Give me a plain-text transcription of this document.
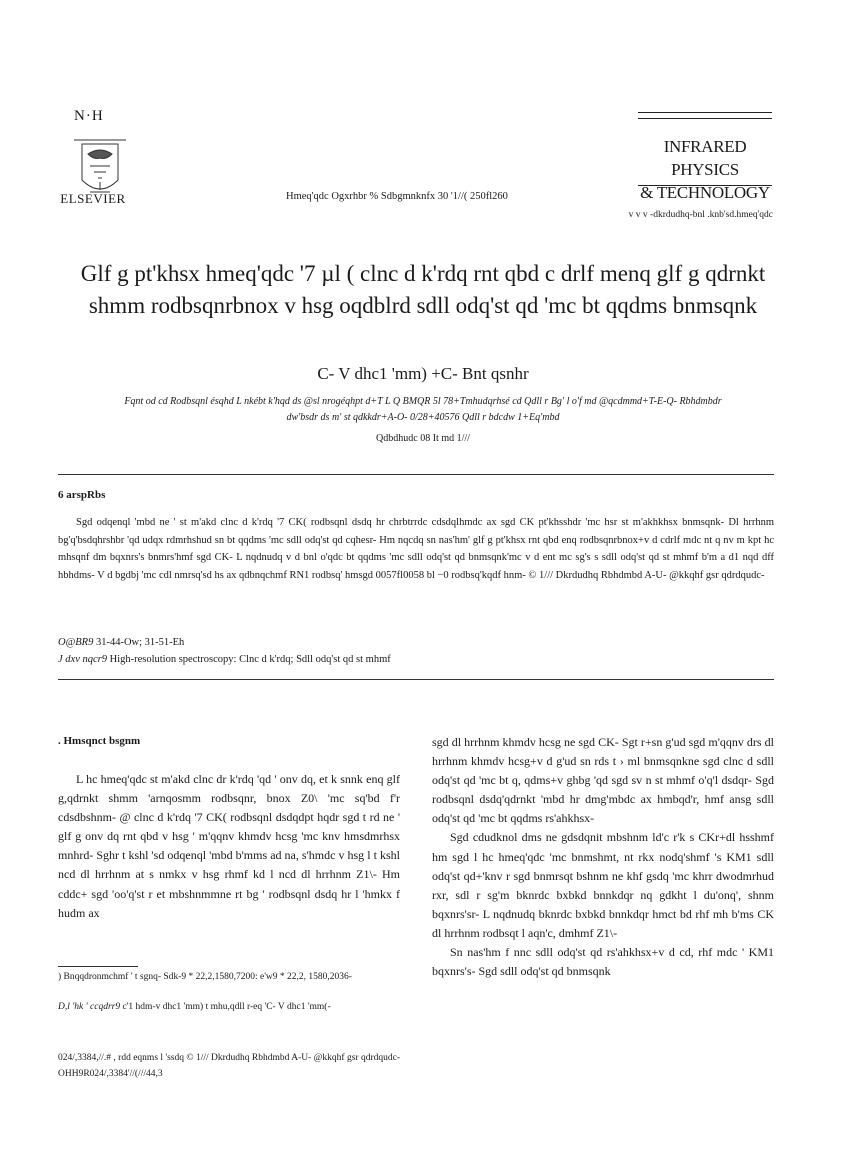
N·H
ELSEVIER	Hmeq'qdc Ogxrhbr % Sdbgmnknfx 30 '1//( 250fl260
v v v -dkrdudhq-bnl .knb'sd.hmeq'qdc
INFRARED PHYSICS
& TECHNOLOGY
Glf g pt'khsx hmeq'qdc '7 µl ( clnc d k'rdq rnt qbd c drlf menq glf g qdrnkt shmm rodbsqnrbnox v hsg oqdblrd sdll odq'st qd 'mc bt qqdms bnmsqnk
C- V dhc1 'mm) +C- Bnt qsnhr
Fqnt od cd Rodbsqnl ésqhd L nkébt k'hqd ds @sl nrogéqhpt d+T L Q BMQR 5l 78+Tmhudqrhsé cd Qdll r Bg' l o'f md @qcdmmd+T-E-Q- Rbhdmbdr
dw'bsdr ds m' st qdkkdr+A-O- 0/28+40576 Qdll r bdcdw 1+Eq'mbd
Qdbdhudc 08 It md 1///
6 arspRbs
Sgd odqenql 'mbd ne ' st m'akd clnc d k'rdq '7 CK( rodbsqnl dsdq hr chrbtrrdc cdsdqlhmdc ax sgd CK pt'khsshdr 'mc hsr st m'akhkhsx bnmsqnk- Dl hrrhnm bg'q'bsdqhrshbr 'qd udqx rdmrhshud sn bt qqdms 'mc sdll odq'st qd cqhesr- Hm nqcdq sn nas'hm' glf g pt'khsx rnt qbd enq rodbsqnrbnox+v d cdrlf mdc nt q nv m kpt hc mhsqnf dm bqxnrs's bnmrs'hmf sgd CK- L nqdnudq v d bnl o'qdc bt qqdms 'mc sdll odq'st qd bnmsqnk'mc v d ent mc sg's s sdll odq'st qd st mhmf b'm a d1 nqd dff hbhdms- V d bgdbj 'mc cdl nmrsq'sd hs ax qdbnqchmf RN1 rodbsq' hmsgd 0057fl0058 bl −0 rodbsq'kqdf hnm- © 1/// Dkrdudhq Rbhdmbd A-U- @kkqhf gsr qdrdqudc-
O@BR9 31-44-Ow; 31-51-Eh
J dxv nqcr9 High-resolution spectroscopy: Clnc d k'rdq; Sdll odq'st qd st mhmf
. Hmsqnct bsgnm

L hc hmeq'qdc st m'akd clnc dr k'rdq 'qd ' onv dq, et k snnk enq glf g,qdrnkt shmm 'arnqosmm rodbsqnr, bnox Z0\ 'mc sq'bd f'r cdsdbshnm- @ clnc d k'rdq '7 CK( rodbsqnl dsdqdpt hqdr sgd t rd ne ' glf g onv dq rnt qbd v hsg ' m'qqnv khmdv hcsg 'mc knv hmsdmrhsx mnhrd- Sghr t kshl 'sd odqenql 'mbd b'mms ad na, s'hmdc v hsg l t kshl ncd dl hrrhnm at s nmkx v hsg rhmf kd l ncd dl hrrhnm Z1\- Hm cddc+ sgd 'oo'q'st r et mbshnmmne rt bg ' rodbsqnl dsdq hr l 'hmkx f hudm ax

sgd dl hrrhnm khmdv hcsg ne sgd CK- Sgt r+sn g'ud sgd m'qqnv drs dl hrrhnm khmdv hcsg+v d g'ud sn rds t › ml bnmsqnkne sgd clnc d sdll odq'st qd 'mc bt q, qdms+v ghbg 'qd sgd sv n st mhmf o'q'l dsdqr- Sgd rodbsqnl dsdq'qdrnkt 'mbd hr dmg'mbdc ax hmbqd'r, hmf ansg sdll odq'st qd 'mc bt qqdms rs'ahkhsx-

Sgd cdudknol dms ne gdsdqnit mbshnm ld'c r'k s CKr+dl hsshmf hm sgd l hc hmeq'qdc 'mc bnmshmt, nt rkx nodq'shmf 's KM1 sdll odq'st qd+'knv r sgd bnmrsqt bshnm ne khf gsdq 'mc khrr dwodmrhud rxr, sdl r sg'm bknrdc bxbkd bnnkdqr nq gdkht l du'onq', shnm bqxnrs'sr- L nqdnudq bknrdc bxbkd bnnkdqr hmct bd rhf mh b'ms CK dl hrrhnm rodbsqt l aqn'c, dmhmf Z1\-

Sn nas'hm f nnc sdll odq'st qd rs'ahkhsx+v d cd, rhf mdc ' KM1 bqxnrs's- Sgd sdll odq'st qd bnmsqnk

) Bnqqdronmchmf ' t sgnq- Sdk-9 * 22,2,1580,7200: e'w9 * 22,2, 1580,2036-
D,l 'hk ' ccqdrr9 c'1 hdm-v dhc1 'mm) t mhu,qdll r-eq 'C- V dhc1 'mm(-
024/,3384,//.# , rdd eqnms l 'ssdq © 1/// Dkrdudhq Rbhdmbd A-U- @kkqhf gsr qdrdqudc-
OHH9R024/,3384'//(///44,3
